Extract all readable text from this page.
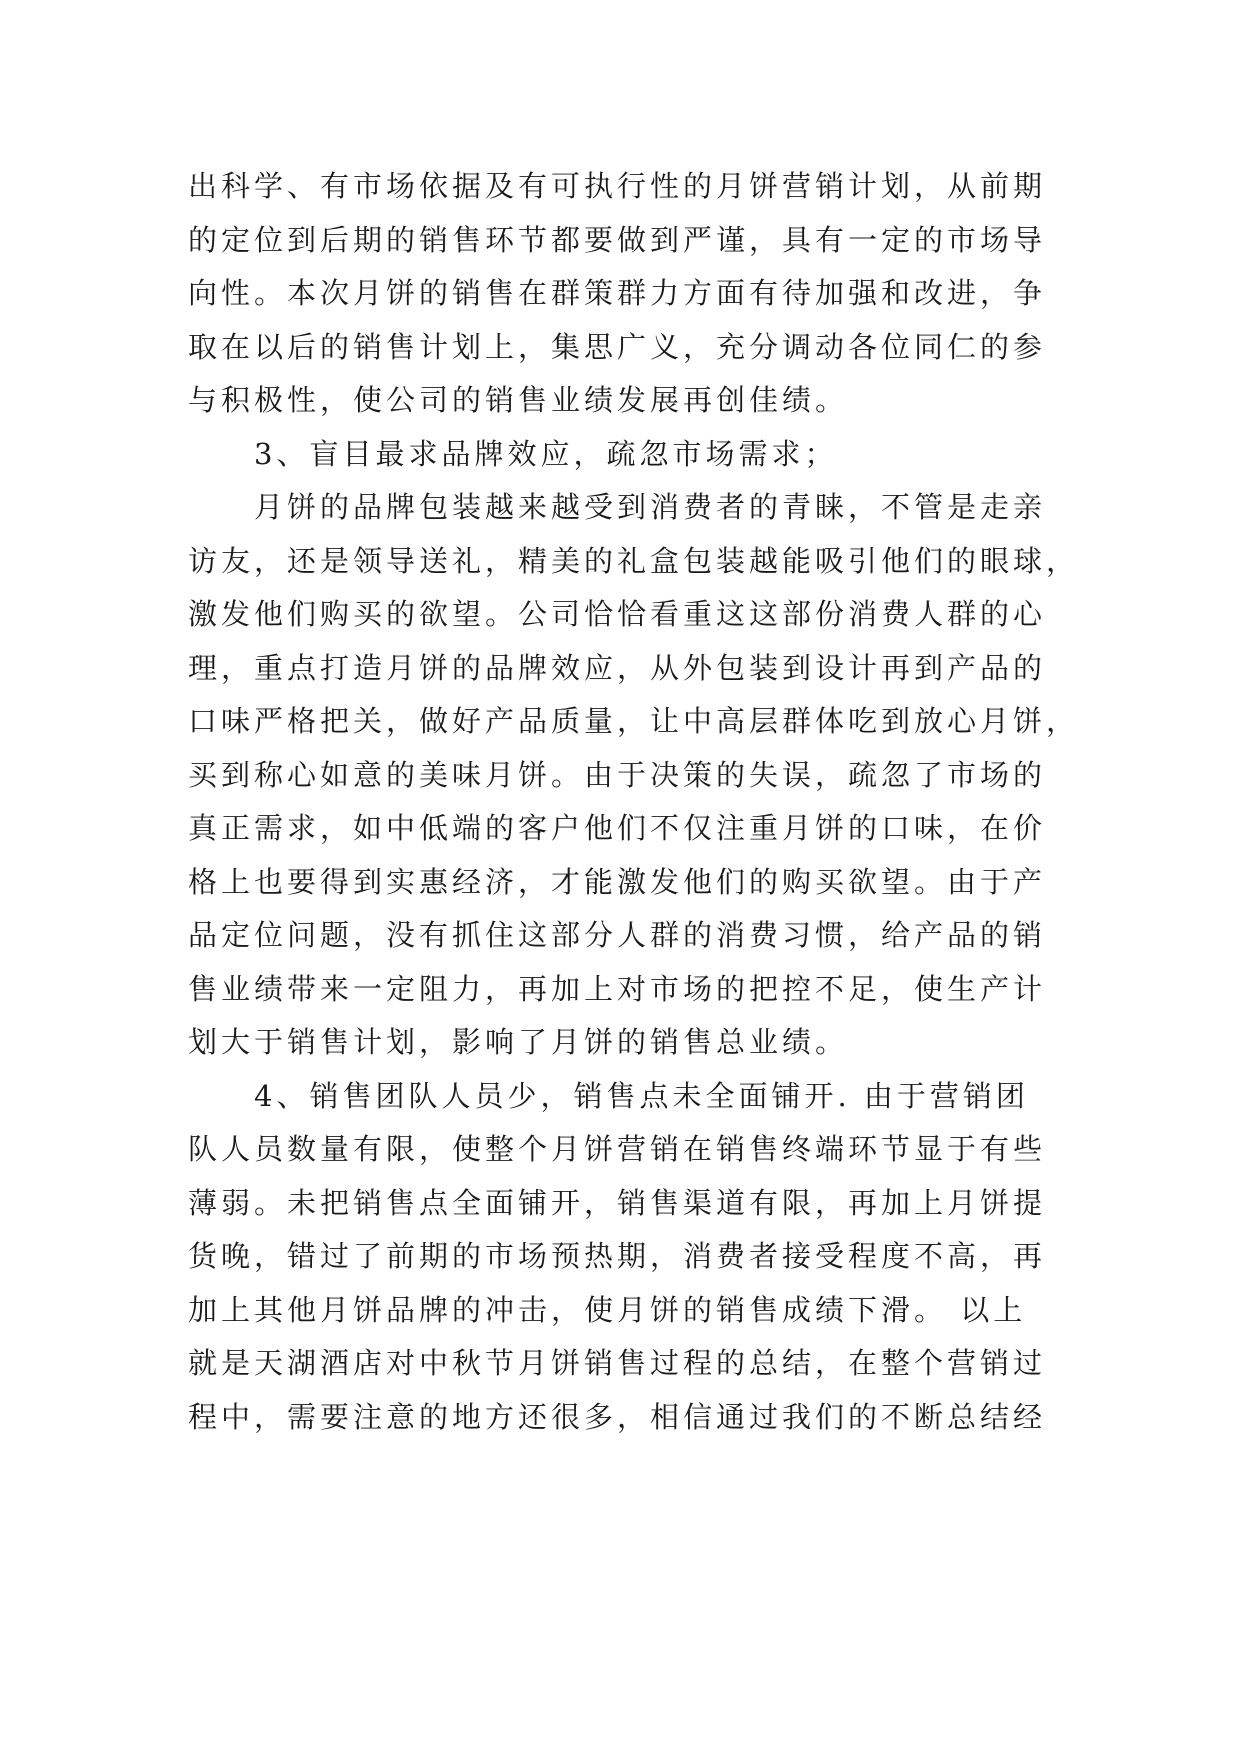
出科学、有市场依据及有可执行性的月饼营销计划，从前期
的定位到后期的销售环节都要做到严谨，具有一定的市场导
向性。本次月饼的销售在群策群力方面有待加强和改进，争
取在以后的销售计划上，集思广义，充分调动各位同仁的参
与积极性，使公司的销售业绩发展再创佳绩。
3、盲目最求品牌效应，疏忽市场需求；
月饼的品牌包装越来越受到消费者的青睐，不管是走亲
访友，还是领导送礼，精美的礼盒包装越能吸引他们的眼球，
激发他们购买的欲望。公司恰恰看重这这部份消费人群的心
理，重点打造月饼的品牌效应，从外包装到设计再到产品的
口味严格把关，做好产品质量，让中高层群体吃到放心月饼，
买到称心如意的美味月饼。由于决策的失误，疏忽了市场的
真正需求，如中低端的客户他们不仅注重月饼的口味，在价
格上也要得到实惠经济，才能激发他们的购买欲望。由于产
品定位问题，没有抓住这部分人群的消费习惯，给产品的销
售业绩带来一定阻力，再加上对市场的把控不足，使生产计
划大于销售计划，影响了月饼的销售总业绩。
4、销售团队人员少，销售点未全面铺开. 由于营销团
队人员数量有限，使整个月饼营销在销售终端环节显于有些
薄弱。未把销售点全面铺开，销售渠道有限，再加上月饼提
货晚，错过了前期的市场预热期，消费者接受程度不高，再
加上其他月饼品牌的冲击，使月饼的销售成绩下滑。 以上
就是天湖酒店对中秋节月饼销售过程的总结，在整个营销过
程中，需要注意的地方还很多，相信通过我们的不断总结经
